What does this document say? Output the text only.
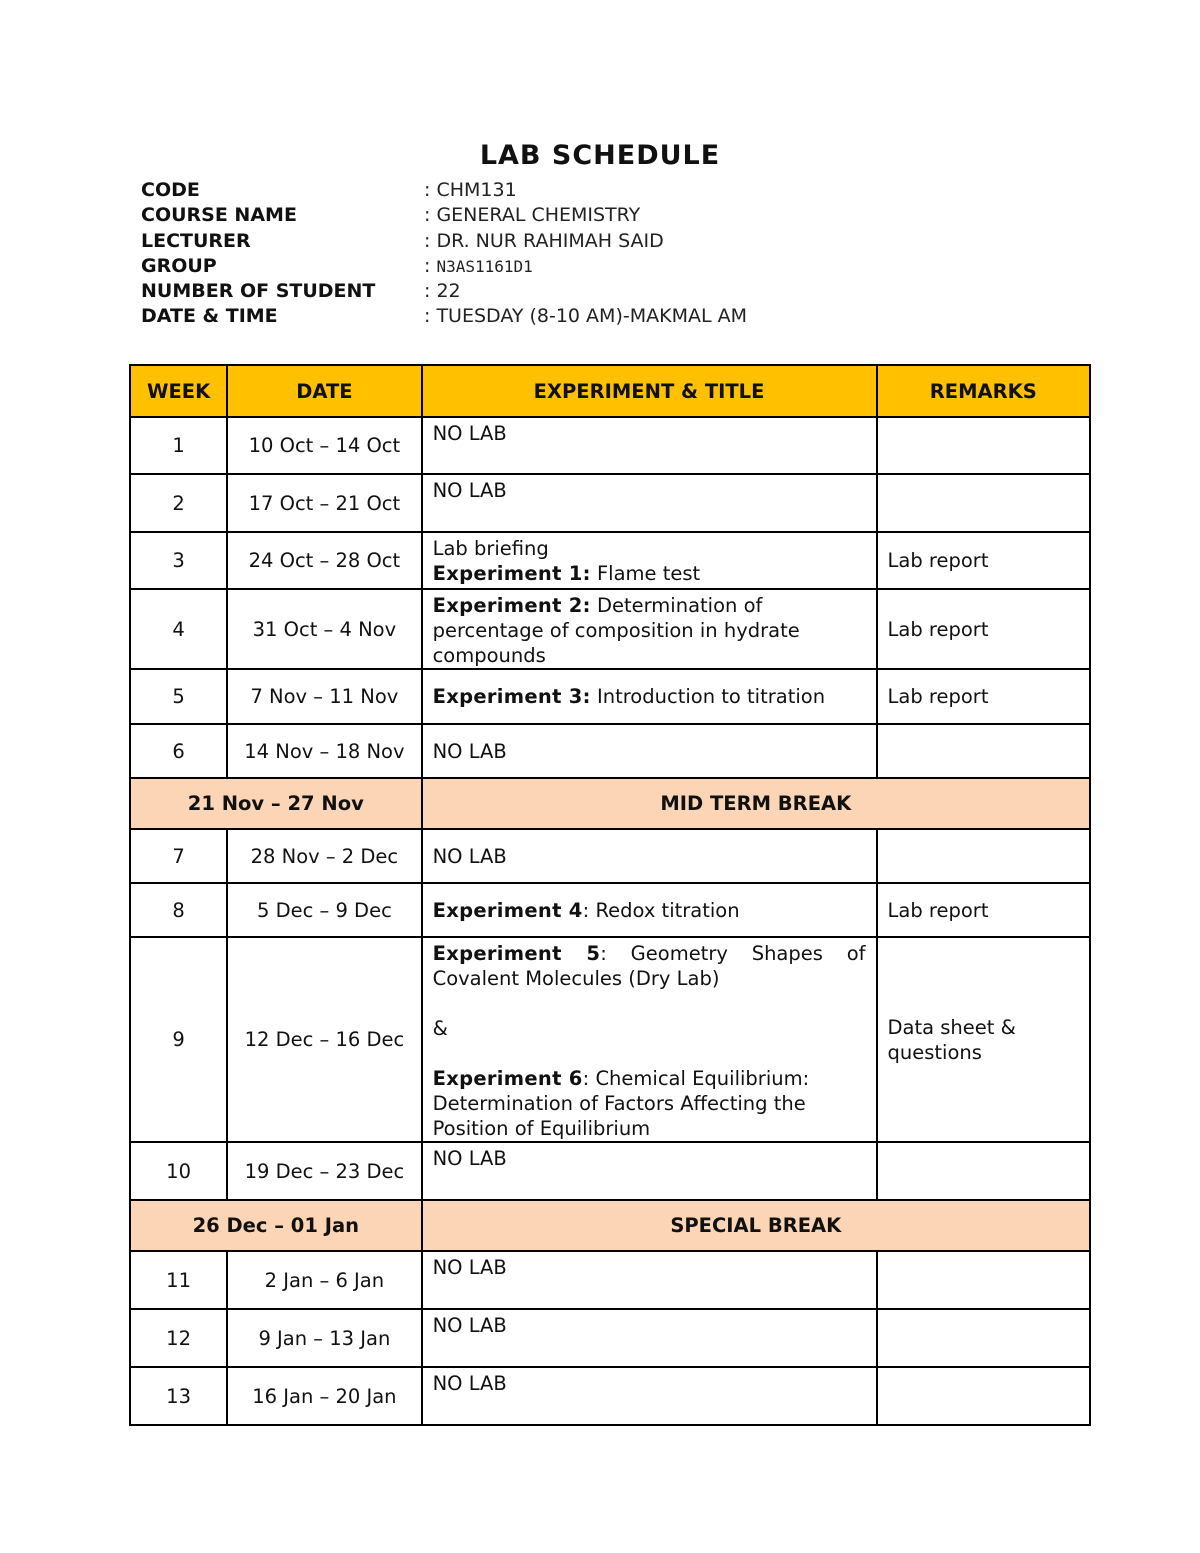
LAB SCHEDULE
CODE	: CHM131
COURSE NAME	: GENERAL CHEMISTRY
LECTURER	: DR. NUR RAHIMAH SAID
GROUP	: N3AS1161D1
NUMBER OF STUDENT	: 22
DATE & TIME	: TUESDAY (8-10 AM)-MAKMAL AM
WEEK	DATE	EXPERIMENT & TITLE	REMARKS
1	10 Oct – 14 Oct	NO LAB	
2	17 Oct – 21 Oct	NO LAB	
3	24 Oct – 28 Oct	Lab briefing
Experiment 1: Flame test	Lab report
4	31 Oct – 4 Nov	Experiment 2: Determination of percentage of composition in hydrate compounds	Lab report
5	7 Nov – 11 Nov	Experiment 3: Introduction to titration	Lab report
6	14 Nov – 18 Nov	NO LAB	
21 Nov – 27 Nov		MID TERM BREAK	
7	28 Nov – 2 Dec	NO LAB	
8	5 Dec – 9 Dec	Experiment 4: Redox titration	Lab report
9	12 Dec – 16 Dec	Experiment 5: Geometry Shapes of Covalent Molecules (Dry Lab)
&
Experiment 6: Chemical Equilibrium: Determination of Factors Affecting the Position of Equilibrium	Data sheet & questions
10	19 Dec – 23 Dec	NO LAB	
26 Dec – 01 Jan		SPECIAL BREAK	
11	2 Jan – 6 Jan	NO LAB	
12	9 Jan – 13 Jan	NO LAB	
13	16 Jan – 20 Jan	NO LAB	
